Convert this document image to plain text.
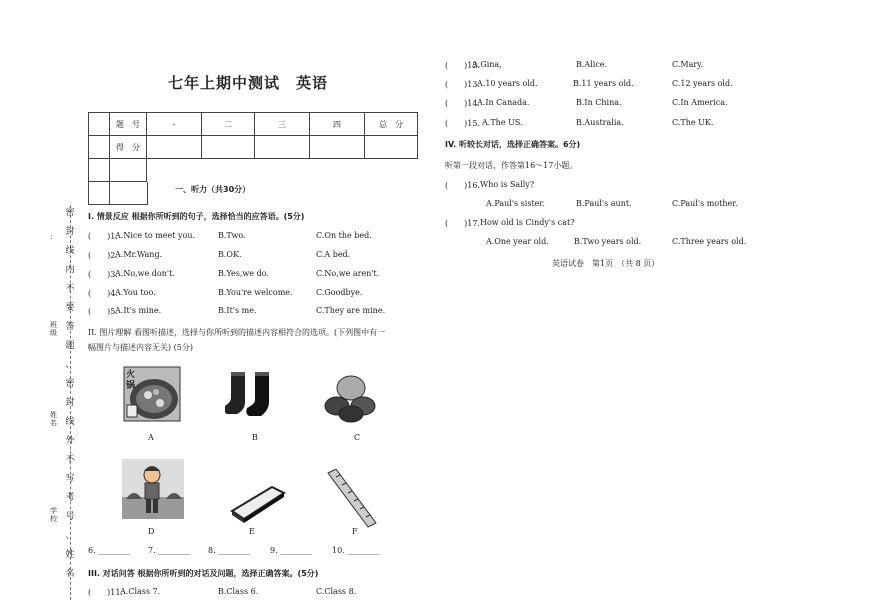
七年上期中测试　英语
	题　号	-	二	三	四	总　分
	得　分					

一、听力（共30分）
I. 情景反应 根据你所听到的句子，选择恰当的应答语。(5分)
(　　)1.
A.Nice to meet you.	B.Two.	C.On the bed.
(　　)2.
A.Mr.Wang.	B.OK.	C.A bed.
(　　)3.
A.No,we don't.	B.Yes,we do.	C.No,we aren't.
(　　)4.
A.You too.	B.You're welcome.	C.Goodbye.
(　　)5.
A.It's mine.	B.It's me.	C.They are mine.
II. 图片理解 看图听描述，选择与你所听到的描述内容相符合的选项。(下列图中有一
幅图片与描述内容无关) (5分)
火
锅
A	B	C
D	E	F
6. ________ 7. ________ 8. ________ 9. ________ 10. ________
III. 对话问答 根据你所听到的对话及问题，选择正确答案。(5分)
(　　)11.
A.Class 7.	B.Class 6.	C.Class 8.
(　　)12.
A.Gina,	B.Alice.	C.Mary.
(　　)13.
A.10 years old.	B.11 years old.	C.12 years old.
(　　)14.
A.In Canada.	B.In China.	C.In America.
(　　)15. A.The US.	B.Australia.	C.The UK.
IV. 听较长对话，选择正确答案。6分)
听第一段对话，作答第16～17小题。
(　　)16. Who is Sally?
A.Paul's sister.	B.Paul's aunt.	C.Paul's mother.
(　　)17. How old is Cindy's cat?
A.One year old.	B.Two years old.	C.Three years old.
英语试卷　第1页　（共 8 页）
密
封
线
内
不
要
答
题
、
密
封
线
外
不
写
考
号
、
姓
名
：
班级
姓名
学校
